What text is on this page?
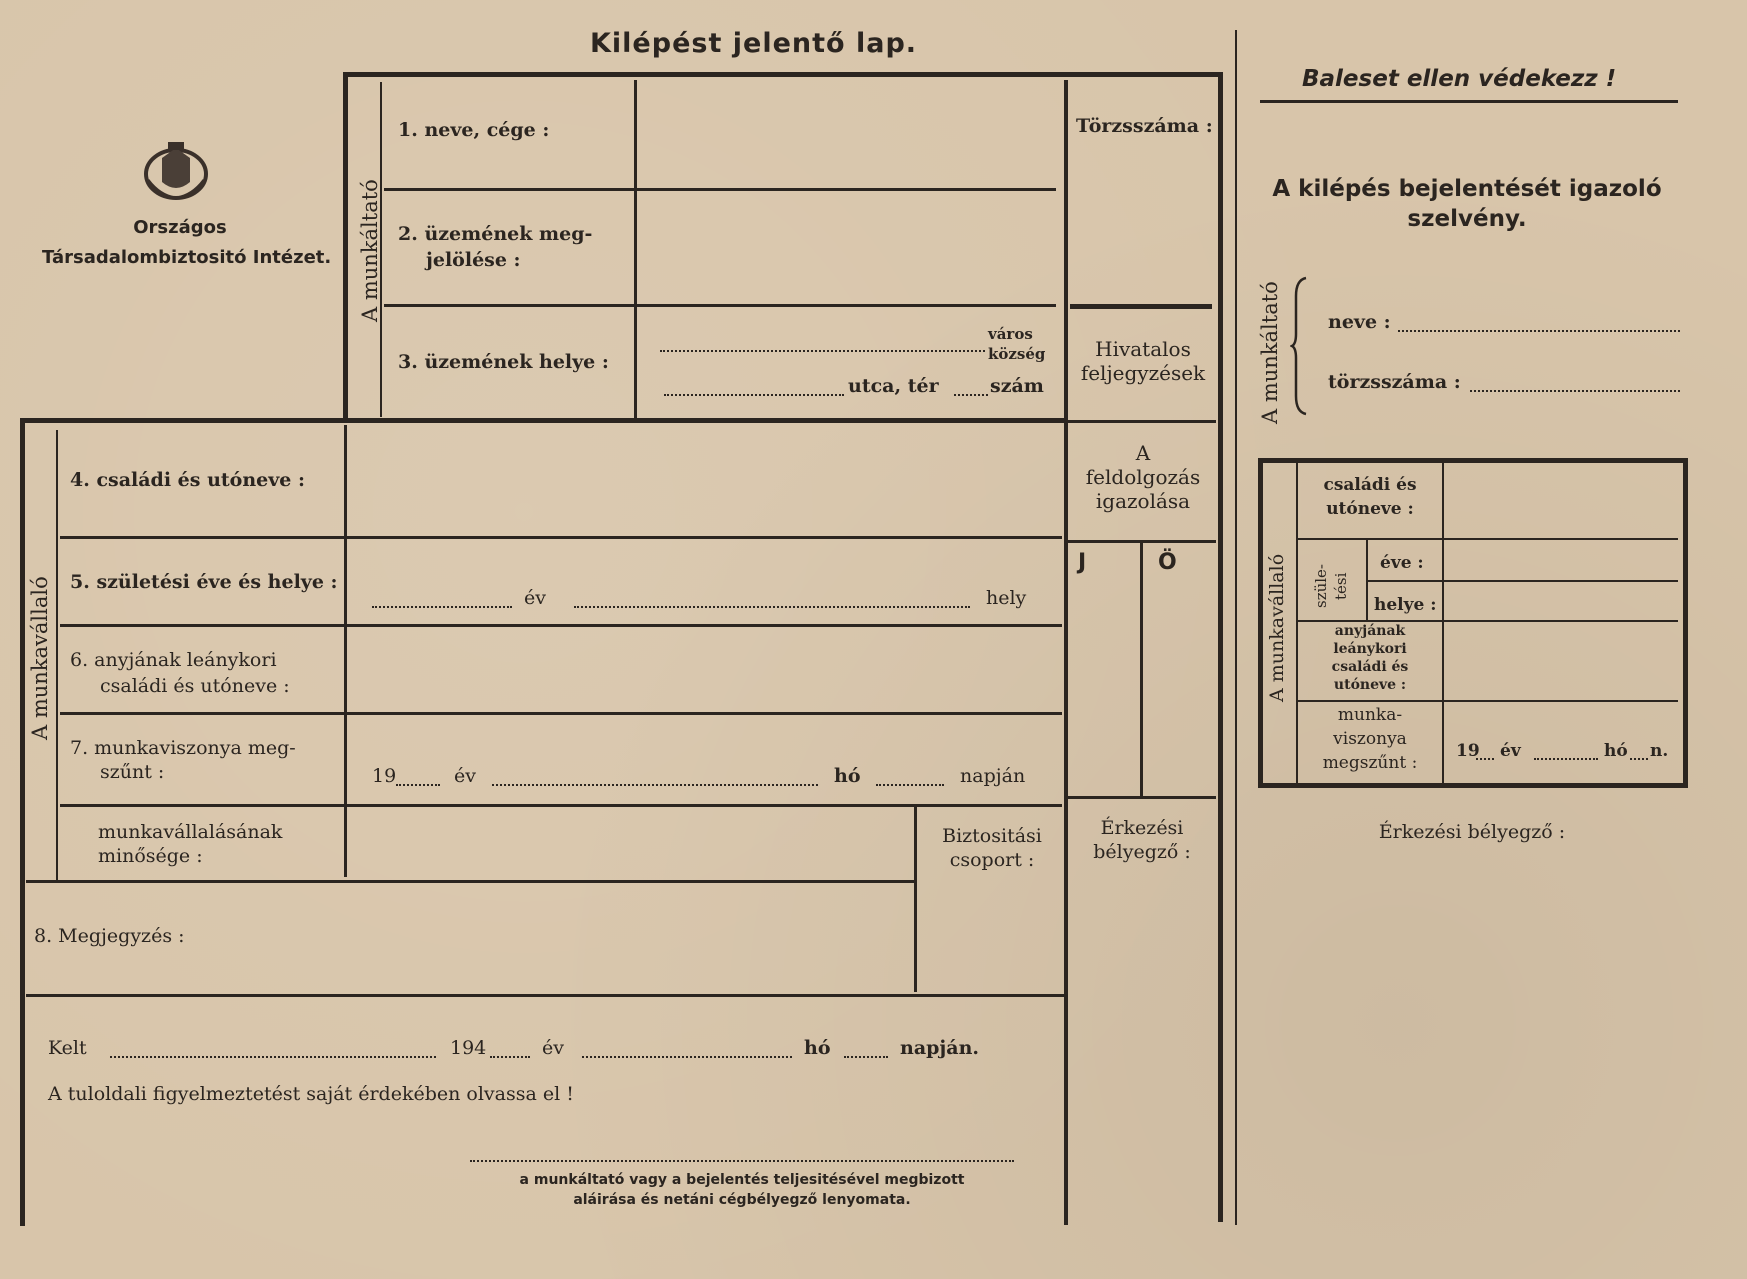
Kilépést jelentő lap.
Országos
Társadalombiztositó Intézet. A munkáltató
1. neve, cége :
2. üzemének meg-
jelölése :
3. üzemének helye :
város
község
utca, tér	szám
Törzsszáma :
Hivatalos
feljegyzések
A
feldolgozás
igazolása
J	Ö
A munkavállaló
4. családi és utóneve :
5. születési éve és helye :
év	hely
6. anyjának leánykori
családi és utóneve :
7. munkaviszonya meg-
szűnt :	19	év	hó	napján
munkavállalásának
minősége :
Biztositási
csoport :
Érkezési
bélyegző :
8. Megjegyzés :
Kelt	194	év	hó	napján.
A tuloldali figyelmeztetést saját érdekében olvassa el !
a munkáltató vagy a bejelentés teljesitésével megbizott
aláirása és netáni cégbélyegző lenyomata.
Baleset ellen védekezz !
A kilépés bejelentését igazoló
szelvény.
A munkáltató neve :
törzsszáma :
A munkavállaló
családi és
utóneve :
szüle- tési
éve :
helye :
anyjának
leánykori
családi és
utóneve :
munka-
viszonya
megszűnt :
19 év	hó n.
Érkezési bélyegző :
